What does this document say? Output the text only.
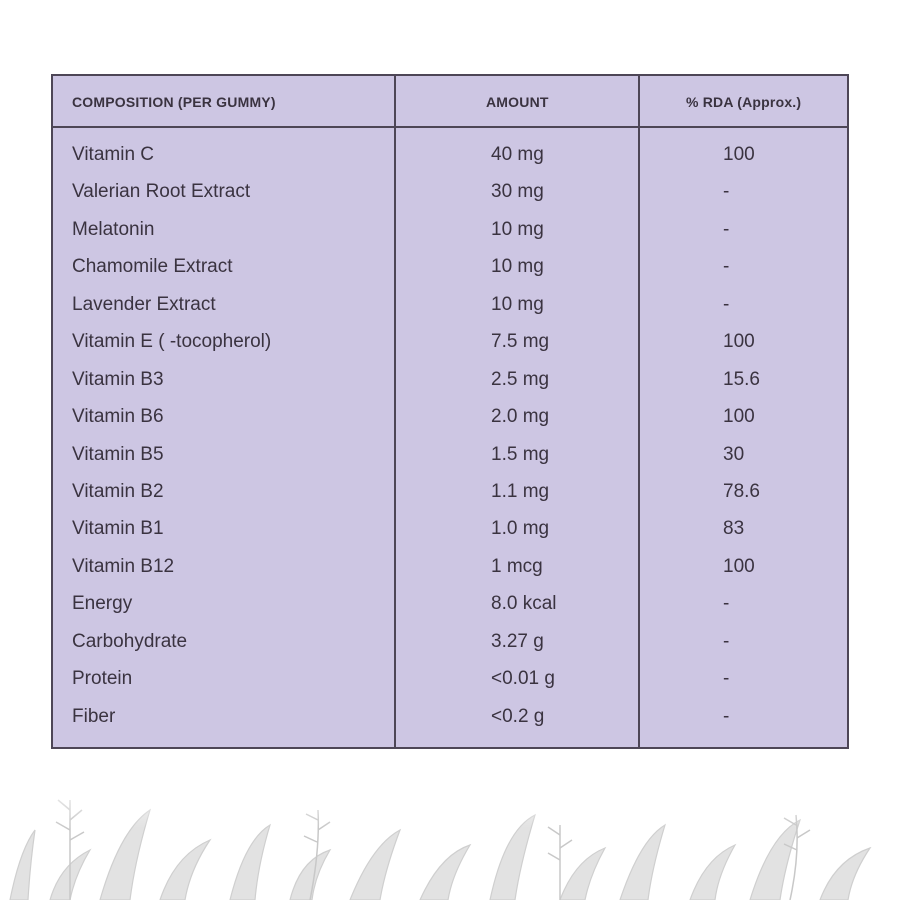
COMPOSITION (PER GUMMY)	AMOUNT	% RDA (Approx.)
Vitamin C	40 mg	100
Valerian Root Extract	30 mg	-
Melatonin	10 mg	-
Chamomile Extract	10 mg	-
Lavender Extract	10 mg	-
Vitamin E ( -tocopherol)	7.5 mg	100
Vitamin B3	2.5 mg	15.6
Vitamin B6	2.0 mg	100
Vitamin B5	1.5 mg	30
Vitamin B2	1.1 mg	78.6
Vitamin B1	1.0 mg	83
Vitamin B12	1 mcg	100
Energy	8.0 kcal	-
Carbohydrate	3.27 g	-
Protein	<0.01 g	-
Fiber	<0.2 g	-
